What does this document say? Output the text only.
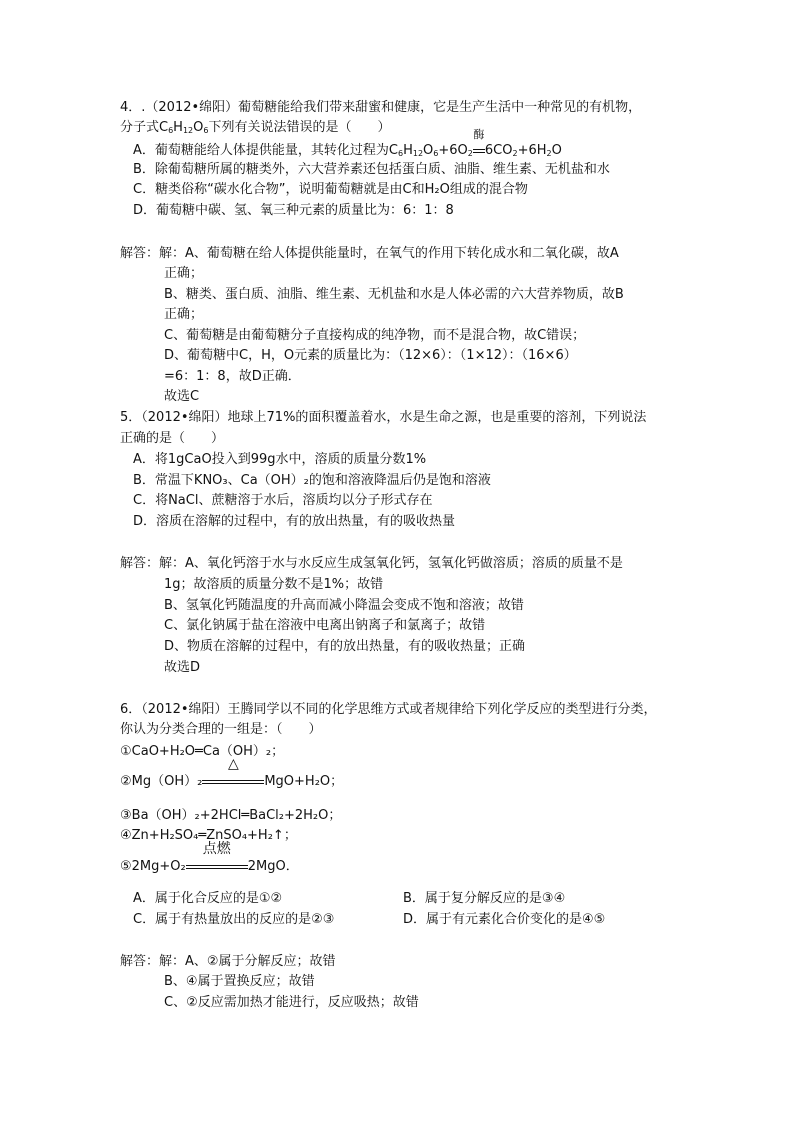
4．.（2012•绵阳）葡萄糖能给我们带来甜蜜和健康，它是生产生活中一种常见的有机物，
分子式$C_6H_{12}O_6$下列有关说法错误的是（　　）
A．葡萄糖能给人体提供能量，其转化过程为$C_6H_{12}O_6+6O_2$
酶
$6CO_2+6H_2O$
B．除葡萄糖所属的糖类外，六大营养素还包括蛋白质、油脂、维生素、无机盐和水
C．糖类俗称“碳水化合物”，说明葡萄糖就是由C和H₂O组成的混合物
D．葡萄糖中碳、氢、氧三种元素的质量比为：6：1：8
解答：解：A、葡萄糖在给人体提供能量时，在氧气的作用下转化成水和二氧化碳，故A
正确；
B、糖类、蛋白质、油脂、维生素、无机盐和水是人体必需的六大营养物质，故B
正确；
C、葡萄糖是由葡萄糖分子直接构成的纯净物，而不是混合物，故C错误；
D、葡萄糖中C，H，O元素的质量比为：（12×6）：（1×12）：（16×6）
=6：1：8，故D正确．
故选C
5．（2012•绵阳）地球上71%的面积覆盖着水，水是生命之源，也是重要的溶剂，下列说法
正确的是（　　）
A．将1gCaO投入到99g水中，溶质的质量分数1%
B．常温下KNO₃、Ca（OH）₂的饱和溶液降温后仍是饱和溶液
C．将NaCl、蔗糖溶于水后，溶质均以分子形式存在
D．溶质在溶解的过程中，有的放出热量，有的吸收热量
解答：解：A、氧化钙溶于水与水反应生成氢氧化钙，氢氧化钙做溶质；溶质的质量不是
1g；故溶质的质量分数不是1%；故错
B、氢氧化钙随温度的升高而减小降温会变成不饱和溶液；故错
C、氯化钠属于盐在溶液中电离出钠离子和氯离子；故错
D、物质在溶解的过程中，有的放出热量，有的吸收热量；正确
故选D
6．（2012•绵阳）王腾同学以不同的化学思维方式或者规律给下列化学反应的类型进行分类，
你认为分类合理的一组是：（　　）
①CaO+H₂O═Ca（OH）₂；
②Mg（OH）₂
△
MgO+H₂O；
③Ba（OH）₂+2HCl═BaCl₂+2H₂O；
④Zn+H₂SO₄═ZnSO₄+H₂↑；
⑤2Mg+O₂
点燃
2MgO．
A．属于化合反应的是①②	B．属于复分解反应的是③④
C．属于有热量放出的反应的是②③	D．属于有元素化合价变化的是④⑤
解答：解：A、②属于分解反应；故错
B、④属于置换反应；故错
C、②反应需加热才能进行，反应吸热；故错
